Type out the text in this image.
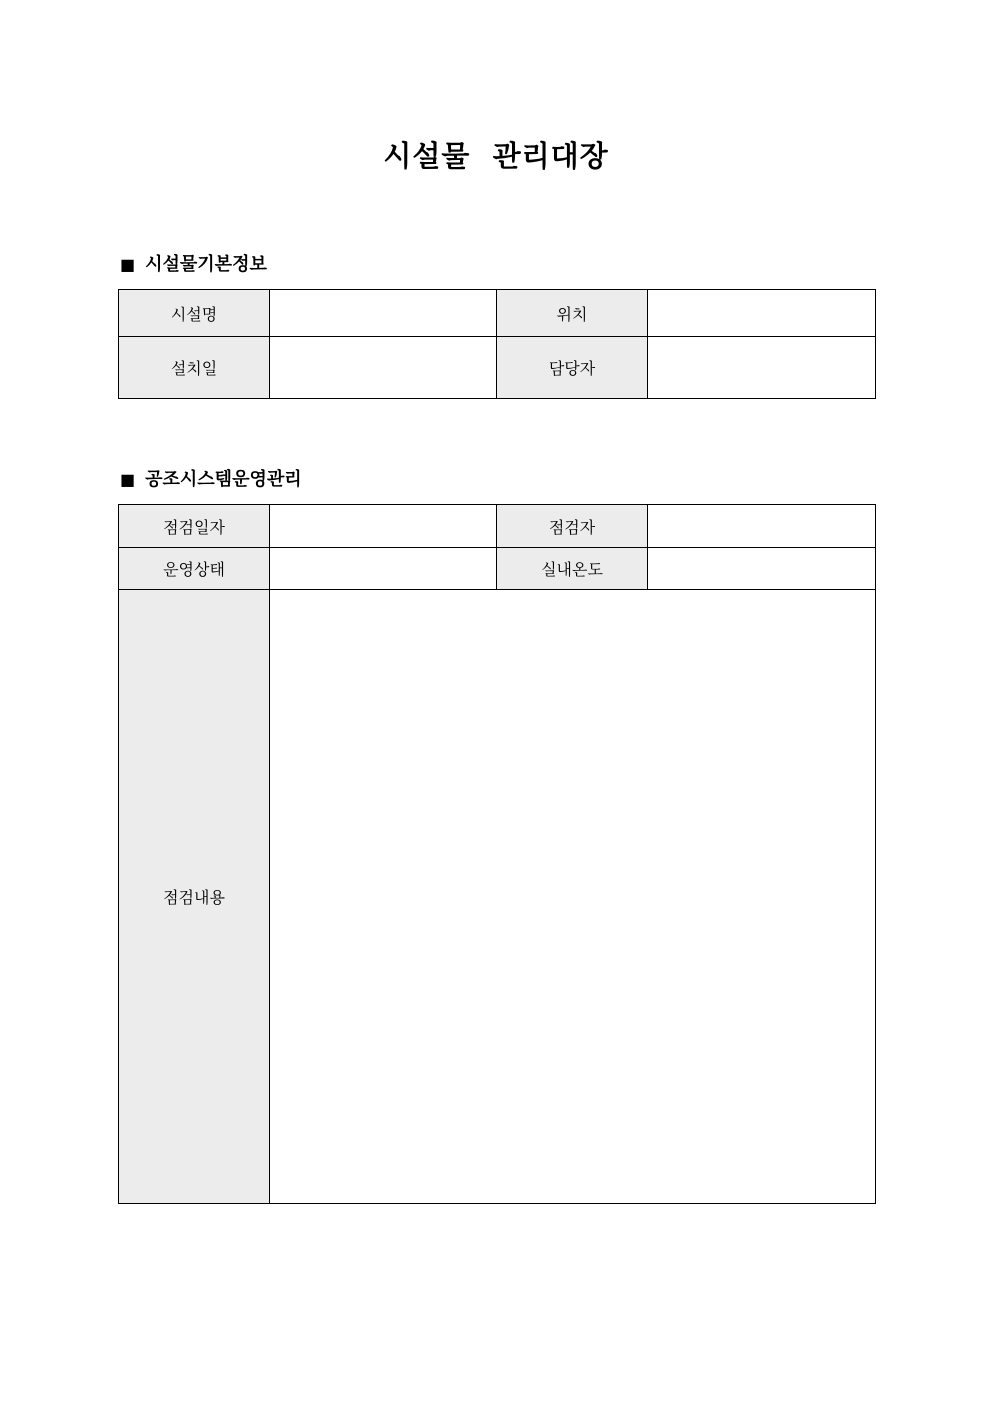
시설물  관리대장
■ 시설물기본정보
시설명		위치	
설치일		담당자	
■ 공조시스템운영관리
점검일자		점검자	
운영상태		실내온도	
점검내용			
